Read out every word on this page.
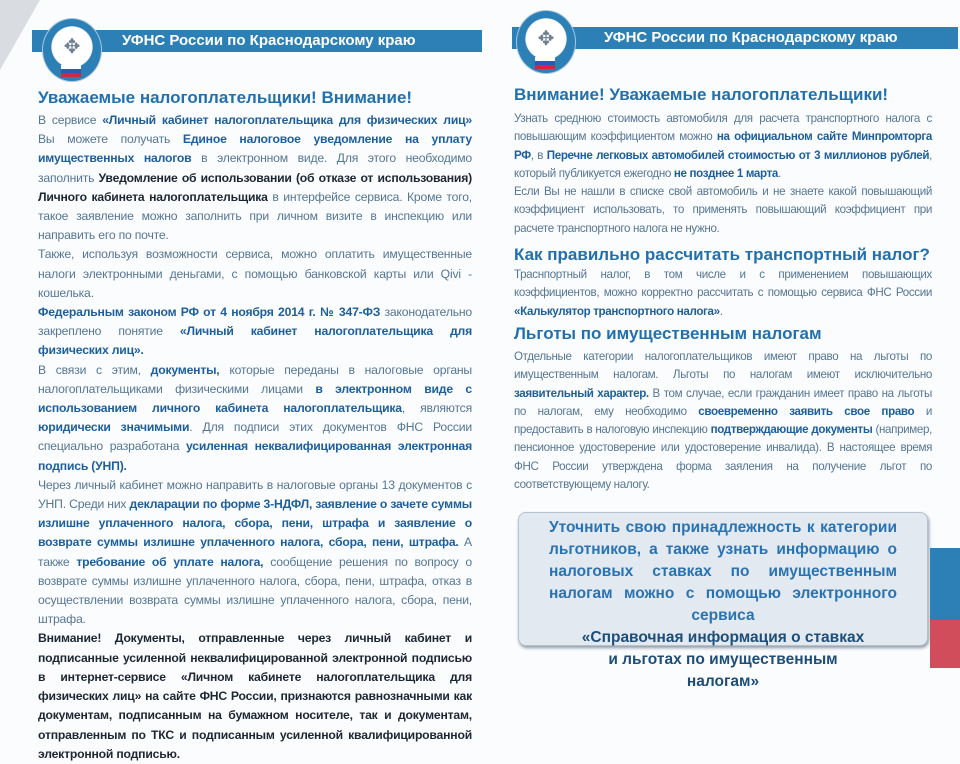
УФНС России по Краснодарскому краю
✥	УФНС России по Краснодарскому краю
✥
Уважаемые налогоплательщики! Внимание!

В сервисе «Личный кабинет налогоплательщика для физических лиц» Вы можете получать Единое налоговое уведомление на уплату имущественных налогов в электронном виде. Для этого необходимо заполнить Уведомление об использовании (об отказе от использования) Личного кабинета налогоплательщика в интерфейсе сервиса. Кроме того, такое заявление можно заполнить при личном визите в инспекцию или направить его по почте.

Также, используя возможности сервиса, можно оплатить имущественные налоги электронными деньгами, с помощью банковской карты или Qivi - кошелька.

Федеральным законом РФ от 4 ноября 2014 г. № 347-ФЗ законодательно закреплено понятие «Личный кабинет налогоплательщика для физических лиц».

В связи с этим, документы, которые переданы в налоговые органы налогоплательщиками физическими лицами в электронном виде с использованием личного кабинета налогоплательщика, являются юридически значимыми. Для подписи этих документов ФНС России специально разработана усиленная неквалифицированная электронная подпись (УНП).

Через личный кабинет можно направить в налоговые органы 13 документов с УНП. Среди них декларации по форме 3-НДФЛ, заявление о зачете суммы излишне уплаченного налога, сбора, пени, штрафа и заявление о возврате суммы излишне уплаченного налога, сбора, пени, штрафа. А также требование об уплате налога, сообщение решения по вопросу о возврате суммы излишне уплаченного налога, сбора, пени, штрафа, отказ в осуществлении возврата суммы излишне уплаченного налога, сбора, пени, штрафа.

Внимание! Документы, отправленные через личный кабинет и подписанные усиленной неквалифицированной электронной подписью в интернет-сервисе «Личном кабинете налогоплательщика для физических лиц» на сайте ФНС России, признаются равнозначными как документам, подписанным на бумажном носителе, так и документам, отправленным по ТКС и подписанным усиленной квалифицированной электронной подписью.

Внимание! Уважаемые налогоплательщики!

Узнать среднюю стоимость автомобиля для расчета транспортного налога с повышающим коэффициентом можно на официальном сайте Минпромторга РФ, в Перечне легковых автомобилей стоимостью от 3 миллионов рублей, который публикуется ежегодно не позднее 1 марта.

Если Вы не нашли в списке свой автомобиль и не знаете какой повышающий коэффициент использовать, то применять повышающий коэффициент при расчете транспортного налога не нужно.

Как правильно рассчитать транспортный налог?

Траснпортный налог, в том числе и с применением повышающих коэффициентов, можно корректно рассчитать с помощью сервиса ФНС России «Калькулятор транспортного налога».

Льготы по имущественным налогам

Отдельные категории налогоплательщиков имеют право на льготы по имущественным налогам. Льготы по налогам имеют исключительно заявительный характер. В том случае, если гражданин имеет право на льготы по налогам, ему необходимо своевременно заявить свое право и предоставить в налоговую инспекцию подтверждающие документы (например, пенсионное удостоверение или удостоверение инвалида). В настоящее время ФНС России утверждена форма заяления на получение льгот по соответствующему налогу.

Уточнить свою принадлежность к категории льготников, а также узнать информацию о налоговых ставках по имущественным налогам можно с помощью электронного сервиса
«Справочная информация о ставках и льготах по имущественным налогам»
